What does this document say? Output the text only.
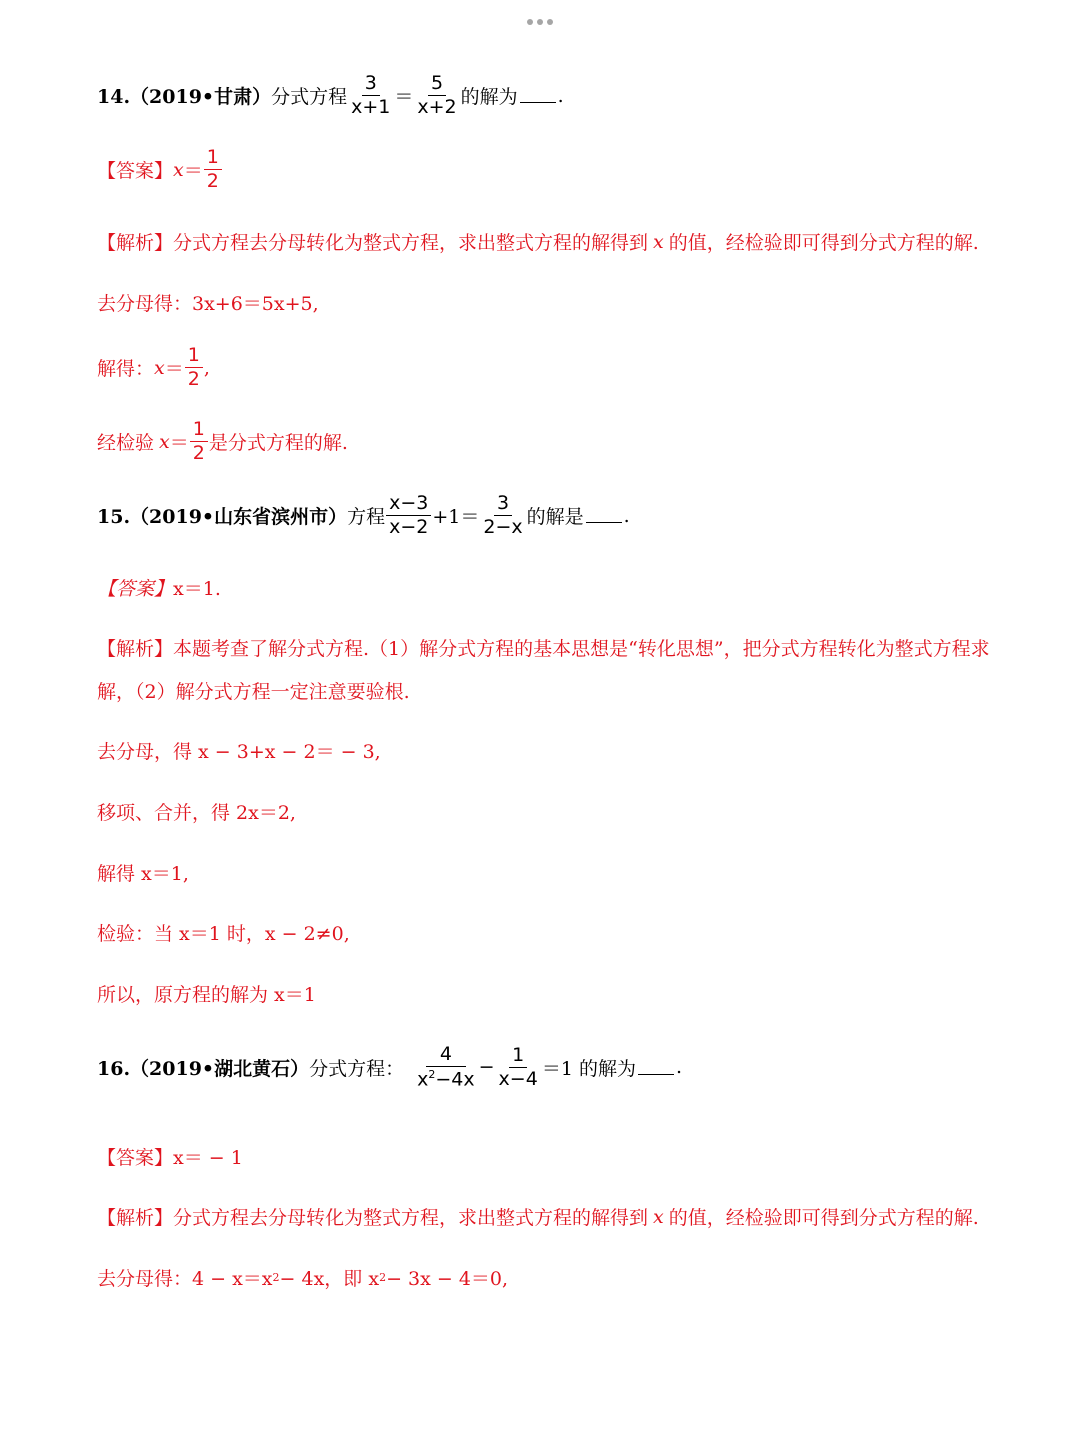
14.（2019•甘肃） 分式方程 $\frac{3}{x+1} = \frac{5}{x+2}$ 的解为 .
【答案】 $x = \frac{1}{2}$
【解析】 分式方程去分母转化为整式方程，求出整式方程的解得到 x 的值，经检验即可得到分式方程的解.
去分母得：3x+6＝5x+5,
解得： $x = \frac{1}{2}$ ,
经检验 $x = \frac{1}{2}$ 是分式方程的解.
15.（2019•山东省滨州市） 方程 $\frac{x-3}{x-2} +1= \frac{3}{2-x}$ 的解是 .
【答案】 x＝1.
【解析】 本题考查了解分式方程.（1）解分式方程的基本思想是“转化思想”，把分式方程转化为整式方程求
解，（2）解分式方程一定注意要验根.
去分母，得 x − 3+x − 2＝ − 3,
移项、合并，得 2x＝2,
解得 x＝1,
检验：当 x＝1 时，x − 2≠0,
所以，原方程的解为 x＝1
16.（2019•湖北黄石） 分式方程： $\frac{4}{x^2-4x} - \frac{1}{x-4} =1$ 的解为 .
【答案】 x＝ − 1
【解析】 分式方程去分母转化为整式方程，求出整式方程的解得到 x 的值，经检验即可得到分式方程的解.
去分母得：4 − x＝x 2 − 4x，即 x 2 − 3x − 4＝0,
